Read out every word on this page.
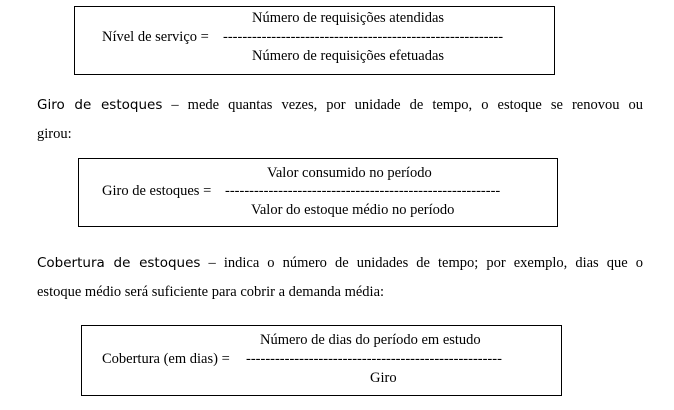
Número de requisições atendidas
Nível de serviço = ----------------------------------------------------------
Número de requisições efetuadas

Giro de estoques – mede quantas vezes, por unidade de tempo, o estoque se renovou ou
girou:

Valor consumido no período
Giro de estoques = ---------------------------------------------------------
Valor do estoque médio no período

Cobertura de estoques – indica o número de unidades de tempo; por exemplo, dias que o
estoque médio será suficiente para cobrir a demanda média:

Número de dias do período em estudo
Cobertura (em dias) = -----------------------------------------------------
Giro
